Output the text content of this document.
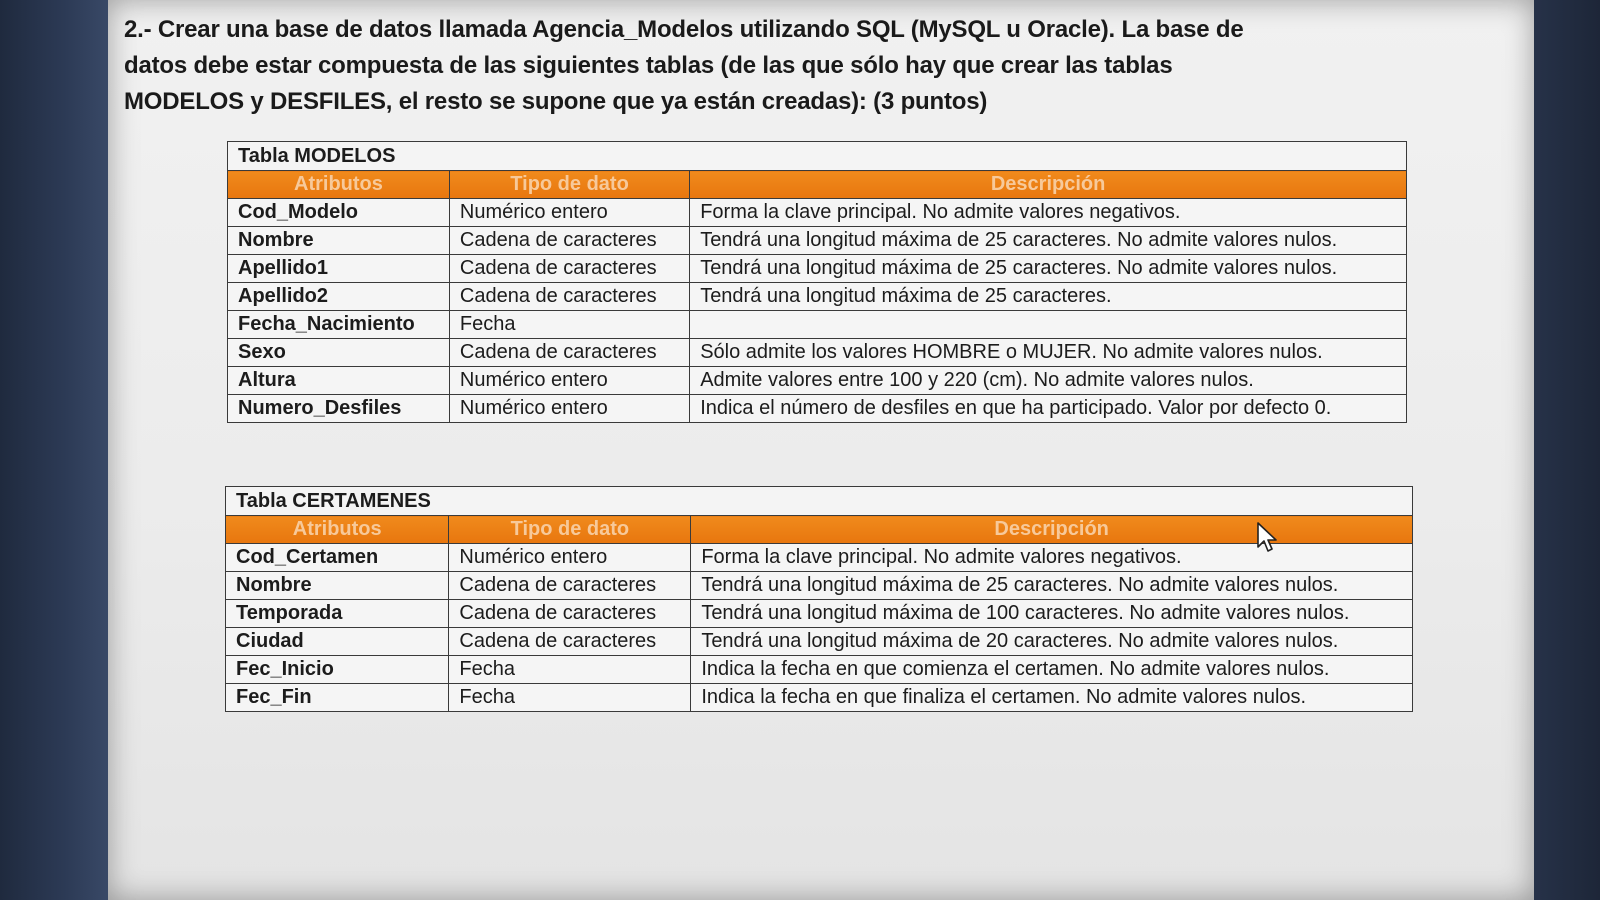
2.- Crear una base de datos llamada Agencia_Modelos utilizando SQL (MySQL u Oracle). La base de datos debe estar compuesta de las siguientes tablas (de las que sólo hay que crear las tablas MODELOS y DESFILES, el resto se supone que ya están creadas): (3 puntos)

Tabla MODELOS		
Atributos	Tipo de dato	Descripción
Cod_Modelo	Numérico entero	Forma la clave principal. No admite valores negativos.
Nombre	Cadena de caracteres	Tendrá una longitud máxima de 25 caracteres. No admite valores nulos.
Apellido1	Cadena de caracteres	Tendrá una longitud máxima de 25 caracteres. No admite valores nulos.
Apellido2	Cadena de caracteres	Tendrá una longitud máxima de 25 caracteres.
Fecha_Nacimiento	Fecha	
Sexo	Cadena de caracteres	Sólo admite los valores HOMBRE o MUJER. No admite valores nulos.
Altura	Numérico entero	Admite valores entre 100 y 220 (cm). No admite valores nulos.
Numero_Desfiles	Numérico entero	Indica el número de desfiles en que ha participado. Valor por defecto 0.
Tabla CERTAMENES		
Atributos	Tipo de dato	Descripción
Cod_Certamen	Numérico entero	Forma la clave principal. No admite valores negativos.
Nombre	Cadena de caracteres	Tendrá una longitud máxima de 25 caracteres. No admite valores nulos.
Temporada	Cadena de caracteres	Tendrá una longitud máxima de 100 caracteres. No admite valores nulos.
Ciudad	Cadena de caracteres	Tendrá una longitud máxima de 20 caracteres. No admite valores nulos.
Fec_Inicio	Fecha	Indica la fecha en que comienza el certamen. No admite valores nulos.
Fec_Fin	Fecha	Indica la fecha en que finaliza el certamen. No admite valores nulos.
